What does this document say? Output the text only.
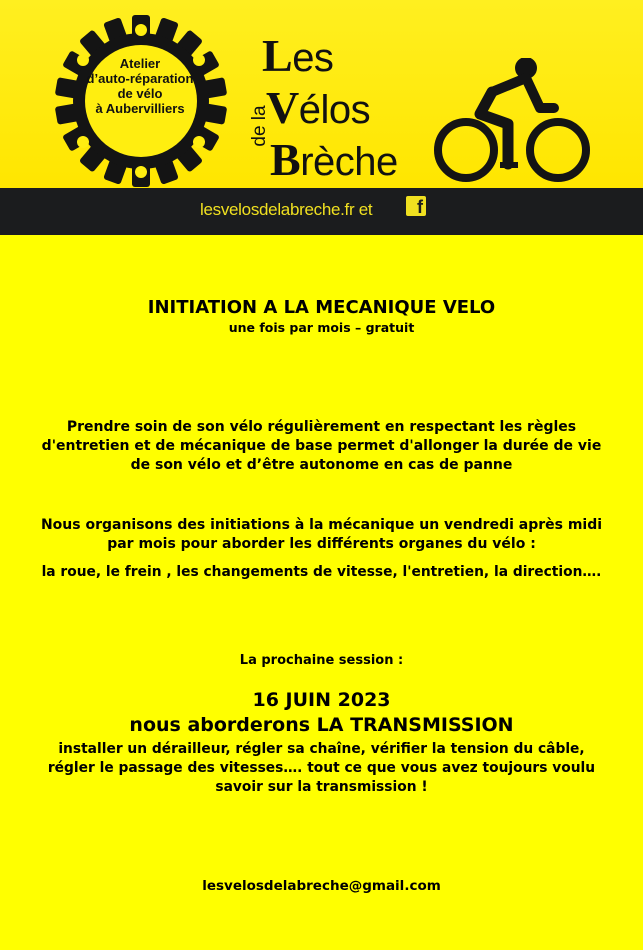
Atelier
d’auto-réparation
de vélo
à Aubervilliers
Les
Vélos
Brèche
de la
lesvelosdelabreche.fr et	f
INITIATION A LA MECANIQUE VELO
une fois par mois – gratuit
Prendre soin de son vélo régulièrement en respectant les règles
d'entretien et de mécanique de base permet d'allonger la durée de vie
de son vélo et d’être autonome en cas de panne
Nous organisons des initiations à la mécanique un vendredi après midi
par mois pour aborder les différents organes du vélo :
la roue, le frein , les changements de vitesse, l'entretien, la direction….
La prochaine session :
16 JUIN 2023
nous aborderons LA TRANSMISSION
installer un dérailleur, régler sa chaîne, vérifier la tension du câble,
régler le passage des vitesses…. tout ce que vous avez toujours voulu
savoir sur la transmission !
lesvelosdelabreche@gmail.com
